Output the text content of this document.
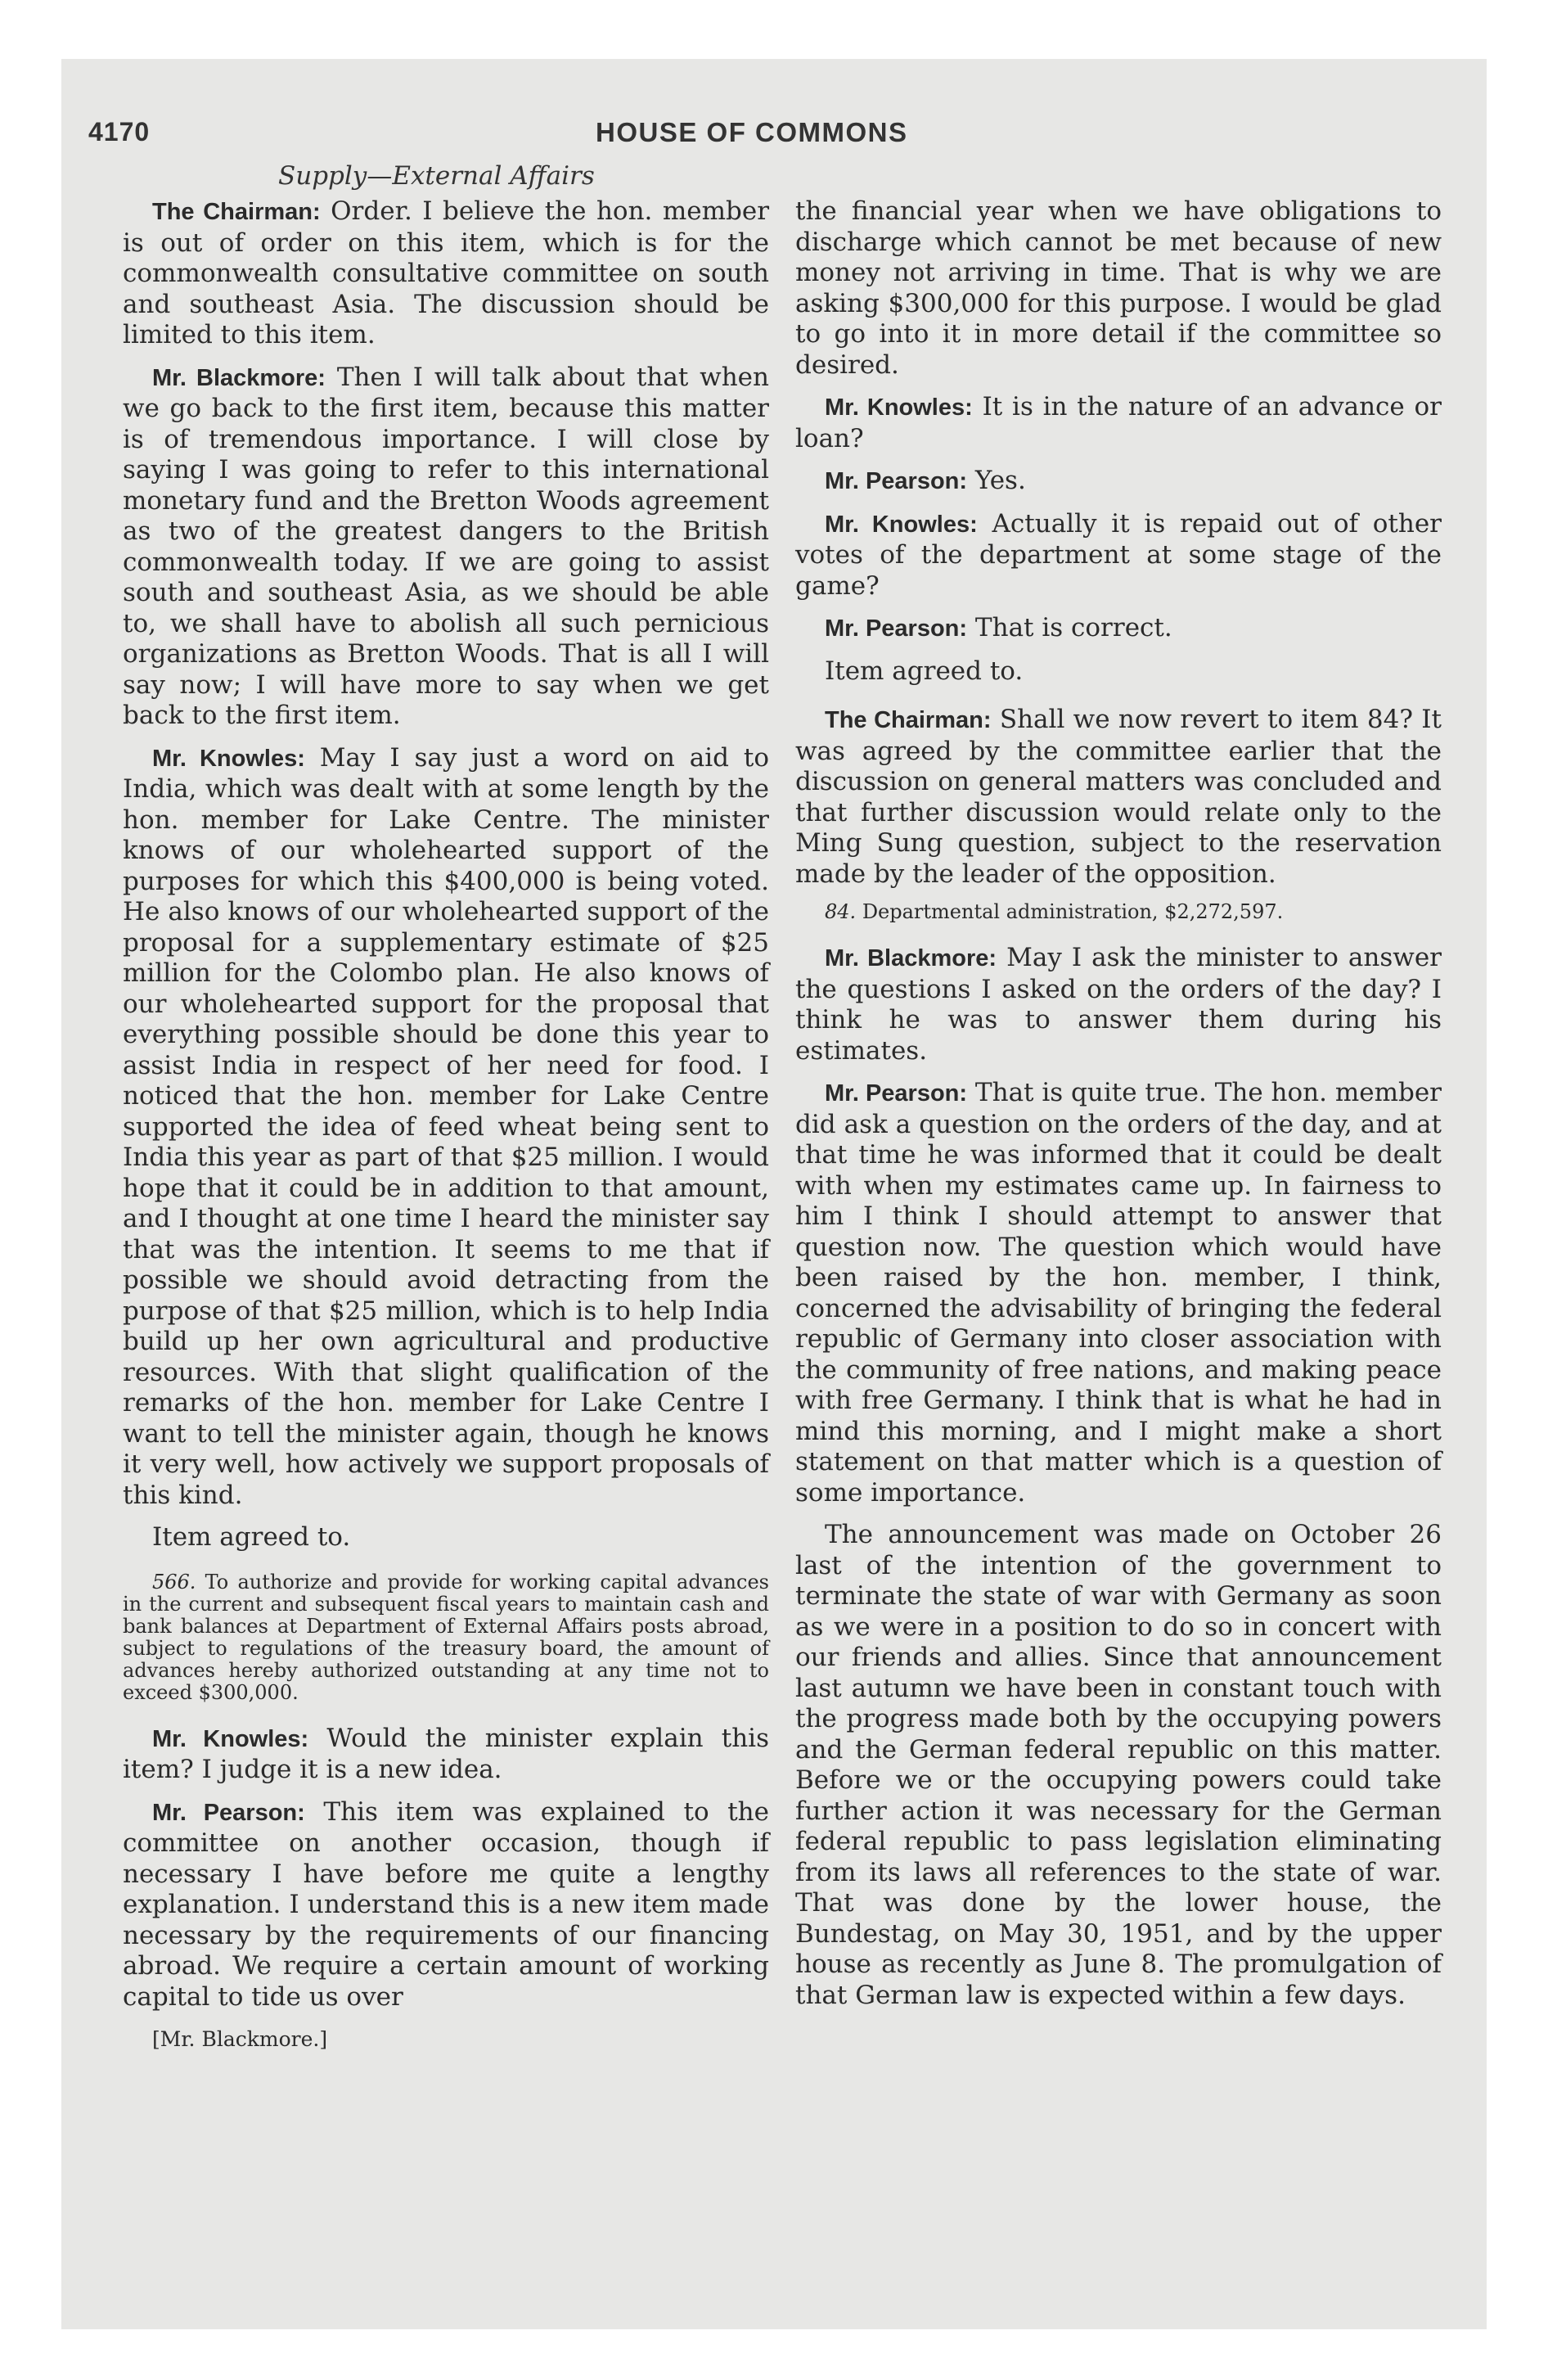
4170	HOUSE OF COMMONS
Supply—External Affairs

The Chairman: Order. I believe the hon. member is out of order on this item, which is for the commonwealth consultative committee on south and southeast Asia. The discussion should be limited to this item.

Mr. Blackmore: Then I will talk about that when we go back to the first item, because this matter is of tremendous importance. I will close by saying I was going to refer to this international monetary fund and the Bretton Woods agreement as two of the greatest dangers to the British commonwealth today. If we are going to assist south and southeast Asia, as we should be able to, we shall have to abolish all such pernicious organizations as Bretton Woods. That is all I will say now; I will have more to say when we get back to the first item.

Mr. Knowles: May I say just a word on aid to India, which was dealt with at some length by the hon. member for Lake Centre. The minister knows of our wholehearted support of the purposes for which this $400,000 is being voted. He also knows of our wholehearted support of the proposal for a supplementary estimate of $25 million for the Colombo plan. He also knows of our wholehearted support for the proposal that everything possible should be done this year to assist India in respect of her need for food. I noticed that the hon. member for Lake Centre supported the idea of feed wheat being sent to India this year as part of that $25 million. I would hope that it could be in addition to that amount, and I thought at one time I heard the minister say that was the intention. It seems to me that if possible we should avoid detracting from the purpose of that $25 million, which is to help India build up her own agricultural and productive resources. With that slight qualification of the remarks of the hon. member for Lake Centre I want to tell the minister again, though he knows it very well, how actively we support proposals of this kind.

Item agreed to.

566. To authorize and provide for working capital advances in the current and subsequent fiscal years to maintain cash and bank balances at Department of External Affairs posts abroad, subject to regulations of the treasury board, the amount of advances hereby authorized outstanding at any time not to exceed $300,000.

Mr. Knowles: Would the minister explain this item? I judge it is a new idea.

Mr. Pearson: This item was explained to the committee on another occasion, though if necessary I have before me quite a lengthy explanation. I understand this is a new item made necessary by the requirements of our financing abroad. We require a certain amount of working capital to tide us over

[Mr. Blackmore.]

the financial year when we have obligations to discharge which cannot be met because of new money not arriving in time. That is why we are asking $300,000 for this purpose. I would be glad to go into it in more detail if the committee so desired.

Mr. Knowles: It is in the nature of an advance or loan?

Mr. Pearson: Yes.

Mr. Knowles: Actually it is repaid out of other votes of the department at some stage of the game?

Mr. Pearson: That is correct.

Item agreed to.

The Chairman: Shall we now revert to item 84? It was agreed by the committee earlier that the discussion on general matters was concluded and that further discussion would relate only to the Ming Sung question, subject to the reservation made by the leader of the opposition.

84. Departmental administration, $2,272,597.

Mr. Blackmore: May I ask the minister to answer the questions I asked on the orders of the day? I think he was to answer them during his estimates.

Mr. Pearson: That is quite true. The hon. member did ask a question on the orders of the day, and at that time he was informed that it could be dealt with when my estimates came up. In fairness to him I think I should attempt to answer that question now. The question which would have been raised by the hon. member, I think, concerned the advisability of bringing the federal republic of Germany into closer association with the community of free nations, and making peace with free Germany. I think that is what he had in mind this morning, and I might make a short statement on that matter which is a question of some importance.

The announcement was made on October 26 last of the intention of the government to terminate the state of war with Germany as soon as we were in a position to do so in concert with our friends and allies. Since that announcement last autumn we have been in constant touch with the progress made both by the occupying powers and the German federal republic on this matter. Before we or the occupying powers could take further action it was necessary for the German federal republic to pass legislation eliminating from its laws all references to the state of war. That was done by the lower house, the Bundestag, on May 30, 1951, and by the upper house as recently as June 8. The promulgation of that German law is expected within a few days.
